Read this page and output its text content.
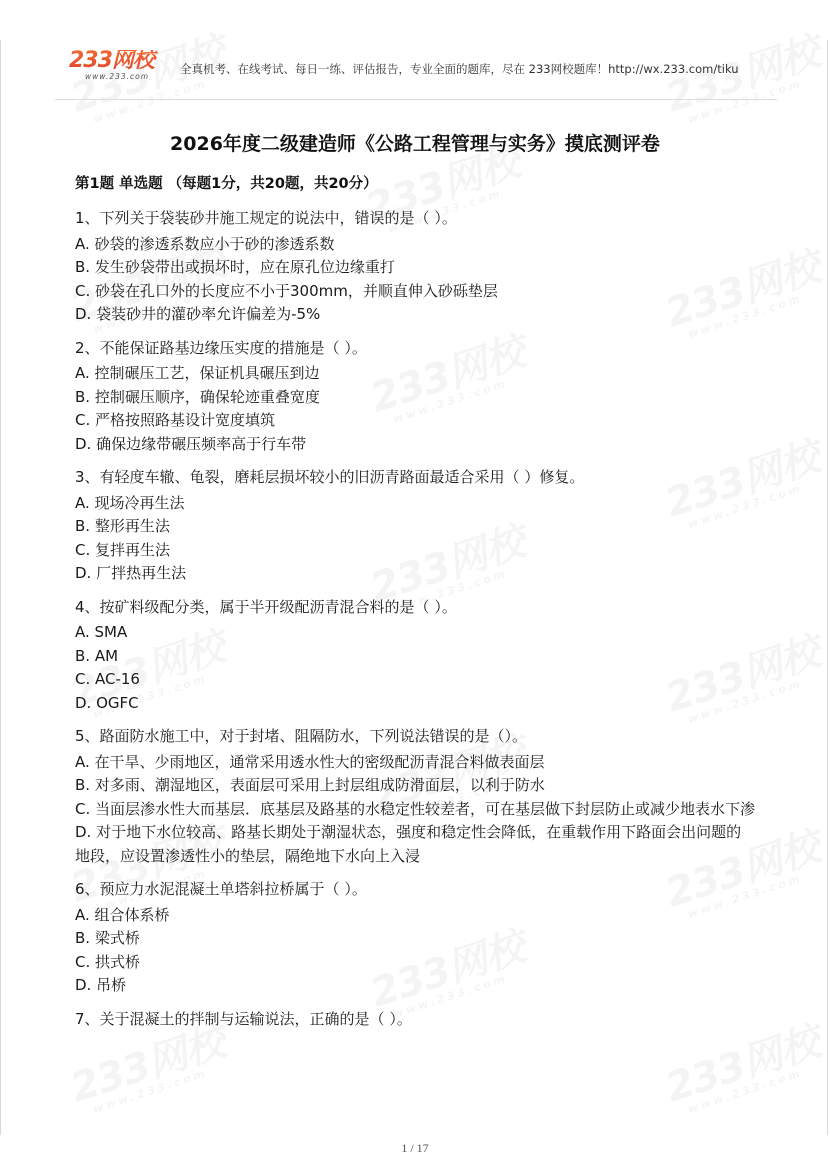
233网校
www.233.com
全真机考、在线考试、每日一练、评估报告，专业全面的题库，尽在 233网校题库！http://wx.233.com/tiku
2026年度二级建造师《公路工程管理与实务》摸底测评卷
第1题 单选题 （每题1分，共20题，共20分）
1、下列关于袋装砂井施工规定的说法中，错误的是（ ）。
A. 砂袋的渗透系数应小于砂的渗透系数
B. 发生砂袋带出或损坏时，应在原孔位边缘重打
C. 砂袋在孔口外的长度应不小于300mm，并顺直伸入砂砾垫层
D. 袋装砂井的灌砂率允许偏差为-5%
2、不能保证路基边缘压实度的措施是（ ）。
A. 控制碾压工艺，保证机具碾压到边
B. 控制碾压顺序，确保轮迹重叠宽度
C. 严格按照路基设计宽度填筑
D. 确保边缘带碾压频率高于行车带
3、有轻度车辙、龟裂，磨耗层损坏较小的旧沥青路面最适合采用（ ）修复。
A. 现场冷再生法
B. 整形再生法
C. 复拌再生法
D. 厂拌热再生法
4、按矿料级配分类，属于半开级配沥青混合料的是（ ）。
A. SMA
B. AM
C. AC-16
D. OGFC
5、路面防水施工中，对于封堵、阻隔防水，下列说法错误的是（）。
A. 在干旱、少雨地区，通常采用透水性大的密级配沥青混合料做表面层
B. 对多雨、潮湿地区，表面层可采用上封层组成防滑面层，以利于防水
C. 当面层渗水性大而基层．底基层及路基的水稳定性较差者，可在基层做下封层防止或减少地表水下渗
D. 对于地下水位较高、路基长期处于潮湿状态，强度和稳定性会降低，在重载作用下路面会出问题的地段，应设置渗透性小的垫层，隔绝地下水向上入浸
6、预应力水泥混凝土单塔斜拉桥属于（ ）。
A. 组合体系桥
B. 梁式桥
C. 拱式桥
D. 吊桥
7、关于混凝土的拌制与运输说法，正确的是（ ）。
1 / 17
